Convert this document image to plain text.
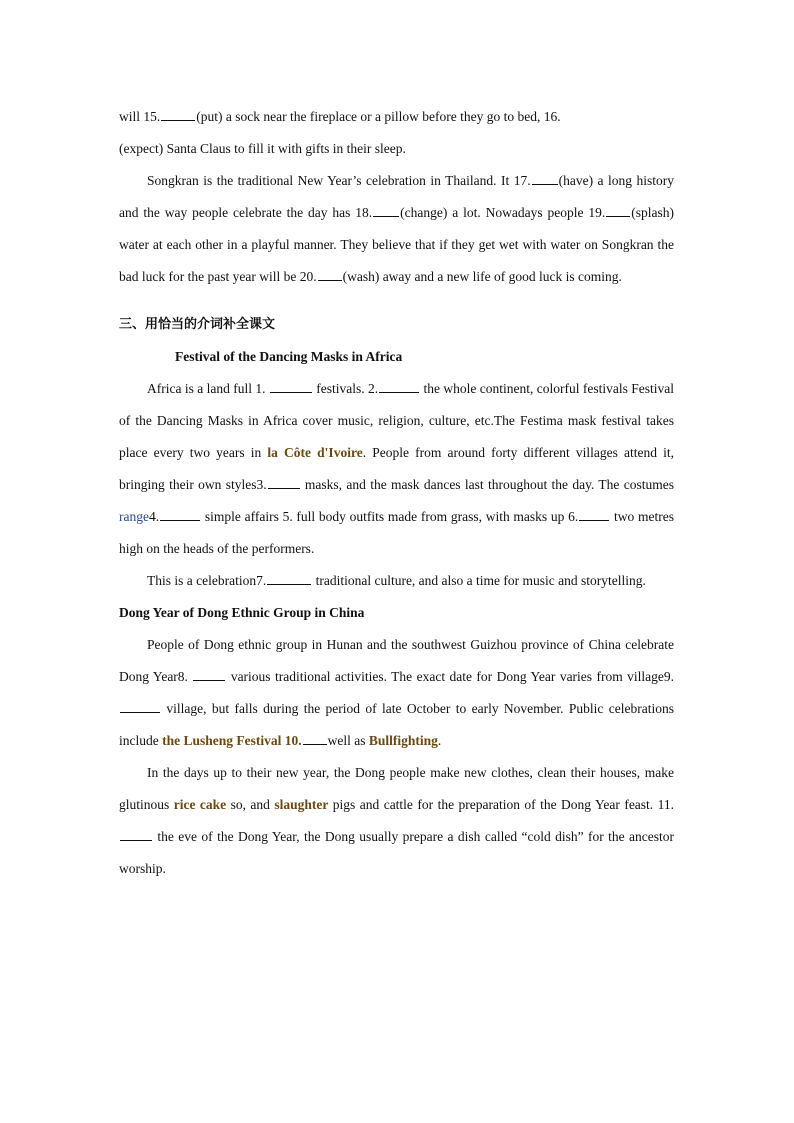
will 15.	(put) a sock near the fireplace or a pillow before they go to bed, 16.
(expect) Santa Claus to fill it with gifts in their sleep.

Songkran is the traditional New Year’s celebration in Thailand. It 17. (have) a long history and the way people celebrate the day has 18. (change) a lot. Nowadays people 19. (splash) water at each other in a playful manner. They believe that if they get wet with water on Songkran the bad luck for the past year will be 20. (wash) away and a new life of good luck is coming.

三、用恰当的介词补全课文

Festival of the Dancing Masks in Africa

Africa is a land full 1.	festivals. 2.	the whole continent, colorful festivals Festival of the Dancing Masks in Africa cover music, religion, culture, etc.The Festima mask festival takes place every two years in la Côte d'Ivoire. People from around forty different villages attend it, bringing their own styles3.	masks, and the mask dances last throughout the day. The costumes range4.	simple affairs 5. full body outfits made from grass, with masks up 6.	two metres high on the heads of the performers.

This is a celebration7.	traditional culture, and also a time for music and storytelling.

Dong Year of Dong Ethnic Group in China

People of Dong ethnic group in Hunan and the southwest Guizhou province of China celebrate Dong Year8.	various traditional activities. The exact date for Dong Year varies from village9. village, but falls during the period of late October to early November. Public celebrations include the Lusheng Festival 10. well as Bullfighting.

In the days up to their new year, the Dong people make new clothes, clean their houses, make glutinous rice cake so, and slaughter pigs and cattle for the preparation of the Dong Year feast. 11. the eve of the Dong Year, the Dong usually prepare a dish called “cold dish” for the ancestor worship.
